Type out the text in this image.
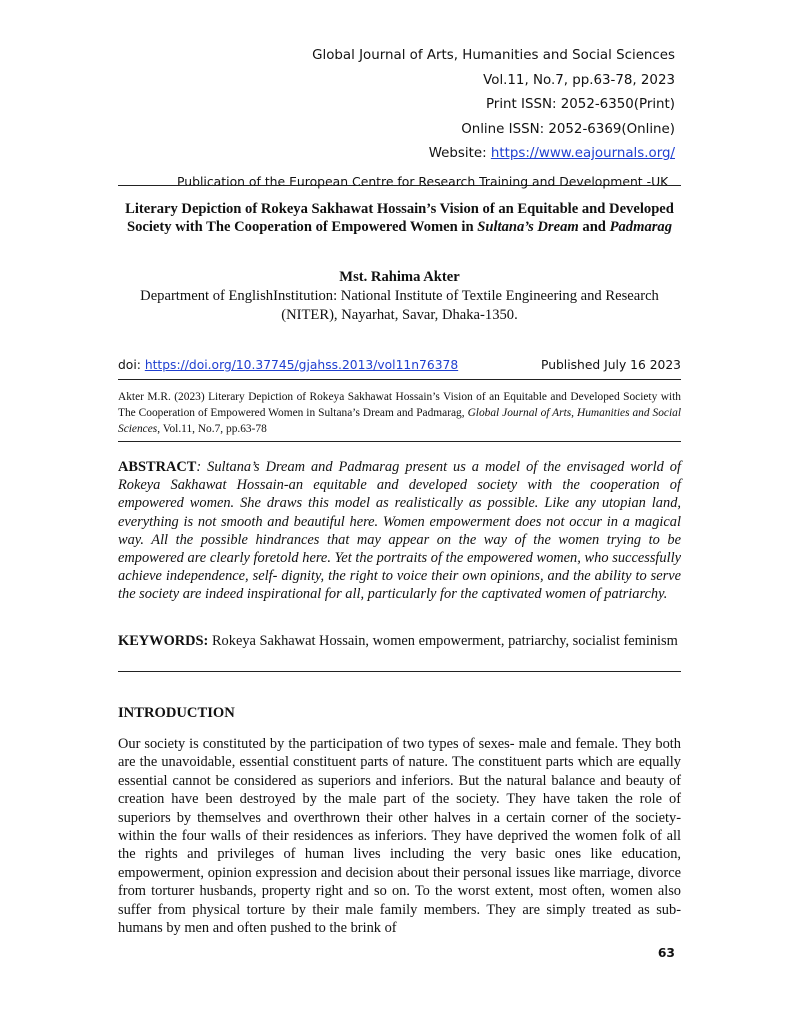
Global Journal of Arts, Humanities and Social Sciences
Vol.11, No.7, pp.63-78, 2023
Print ISSN: 2052-6350(Print)
Online ISSN: 2052-6369(Online)
Website: https://www.eajournals.org/
Publication of the European Centre for Research Training and Development -UK
Literary Depiction of Rokeya Sakhawat Hossain’s Vision of an Equitable and Developed Society with The Cooperation of Empowered Women in Sultana’s Dream and Padmarag
Mst. Rahima Akter
Department of EnglishInstitution: National Institute of Textile Engineering and Research (NITER), Nayarhat, Savar, Dhaka-1350.
doi: https://doi.org/10.37745/gjahss.2013/vol11n76378	Published July 16 2023
Akter M.R. (2023) Literary Depiction of Rokeya Sakhawat Hossain’s Vision of an Equitable and Developed Society with The Cooperation of Empowered Women in Sultana’s Dream and Padmarag, Global Journal of Arts, Humanities and Social Sciences, Vol.11, No.7, pp.63-78
ABSTRACT: Sultana’s Dream and Padmarag present us a model of the envisaged world of Rokeya Sakhawat Hossain-an equitable and developed society with the cooperation of empowered women. She draws this model as realistically as possible. Like any utopian land, everything is not smooth and beautiful here. Women empowerment does not occur in a magical way. All the possible hindrances that may appear on the way of the women trying to be empowered are clearly foretold here. Yet the portraits of the empowered women, who successfully achieve independence, self- dignity, the right to voice their own opinions, and the ability to serve the society are indeed inspirational for all, particularly for the captivated women of patriarchy.
KEYWORDS: Rokeya Sakhawat Hossain, women empowerment, patriarchy, socialist feminism
INTRODUCTION
Our society is constituted by the participation of two types of sexes- male and female. They both are the unavoidable, essential constituent parts of nature. The constituent parts which are equally essential cannot be considered as superiors and inferiors. But the natural balance and beauty of creation have been destroyed by the male part of the society. They have taken the role of superiors by themselves and overthrown their other halves in a certain corner of the society- within the four walls of their residences as inferiors. They have deprived the women folk of all the rights and privileges of human lives including the very basic ones like education, empowerment, opinion expression and decision about their personal issues like marriage, divorce from torturer husbands, property right and so on. To the worst extent, most often, women also suffer from physical torture by their male family members. They are simply treated as sub-humans by men and often pushed to the brink of
63
